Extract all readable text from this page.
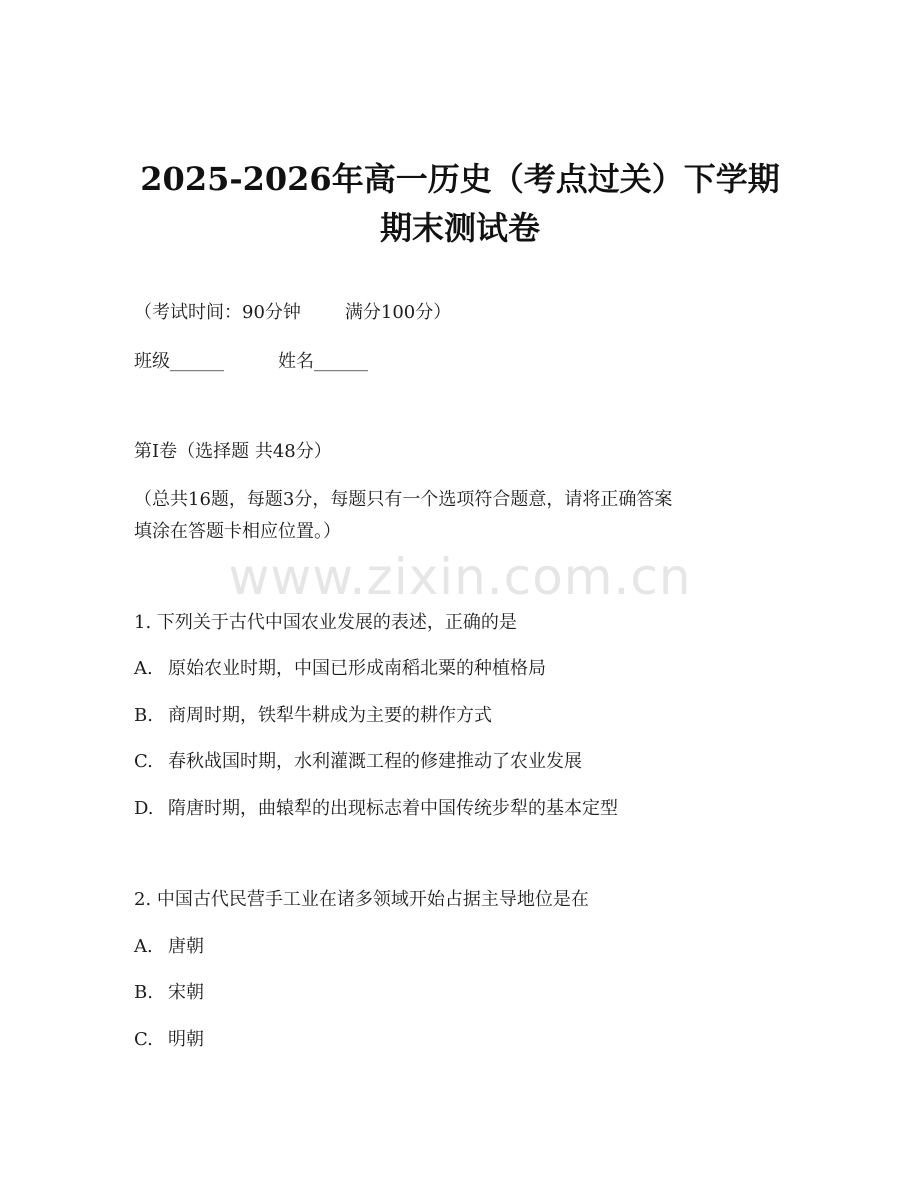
2025-2026年高一历史（考点过关）下学期
期末测试卷
（考试时间：90分钟 满分100分）
班级______	姓名______
第Ⅰ卷（选择题 共48分）
（总共16题，每题3分，每题只有一个选项符合题意，请将正确答案
填涂在答题卡相应位置。）
www.zixin.com.cn
1. 下列关于古代中国农业发展的表述，正确的是
A. 原始农业时期，中国已形成南稻北粟的种植格局
B. 商周时期，铁犁牛耕成为主要的耕作方式
C. 春秋战国时期，水利灌溉工程的修建推动了农业发展
D. 隋唐时期，曲辕犁的出现标志着中国传统步犁的基本定型
2. 中国古代民营手工业在诸多领域开始占据主导地位是在
A. 唐朝
B. 宋朝
C. 明朝
